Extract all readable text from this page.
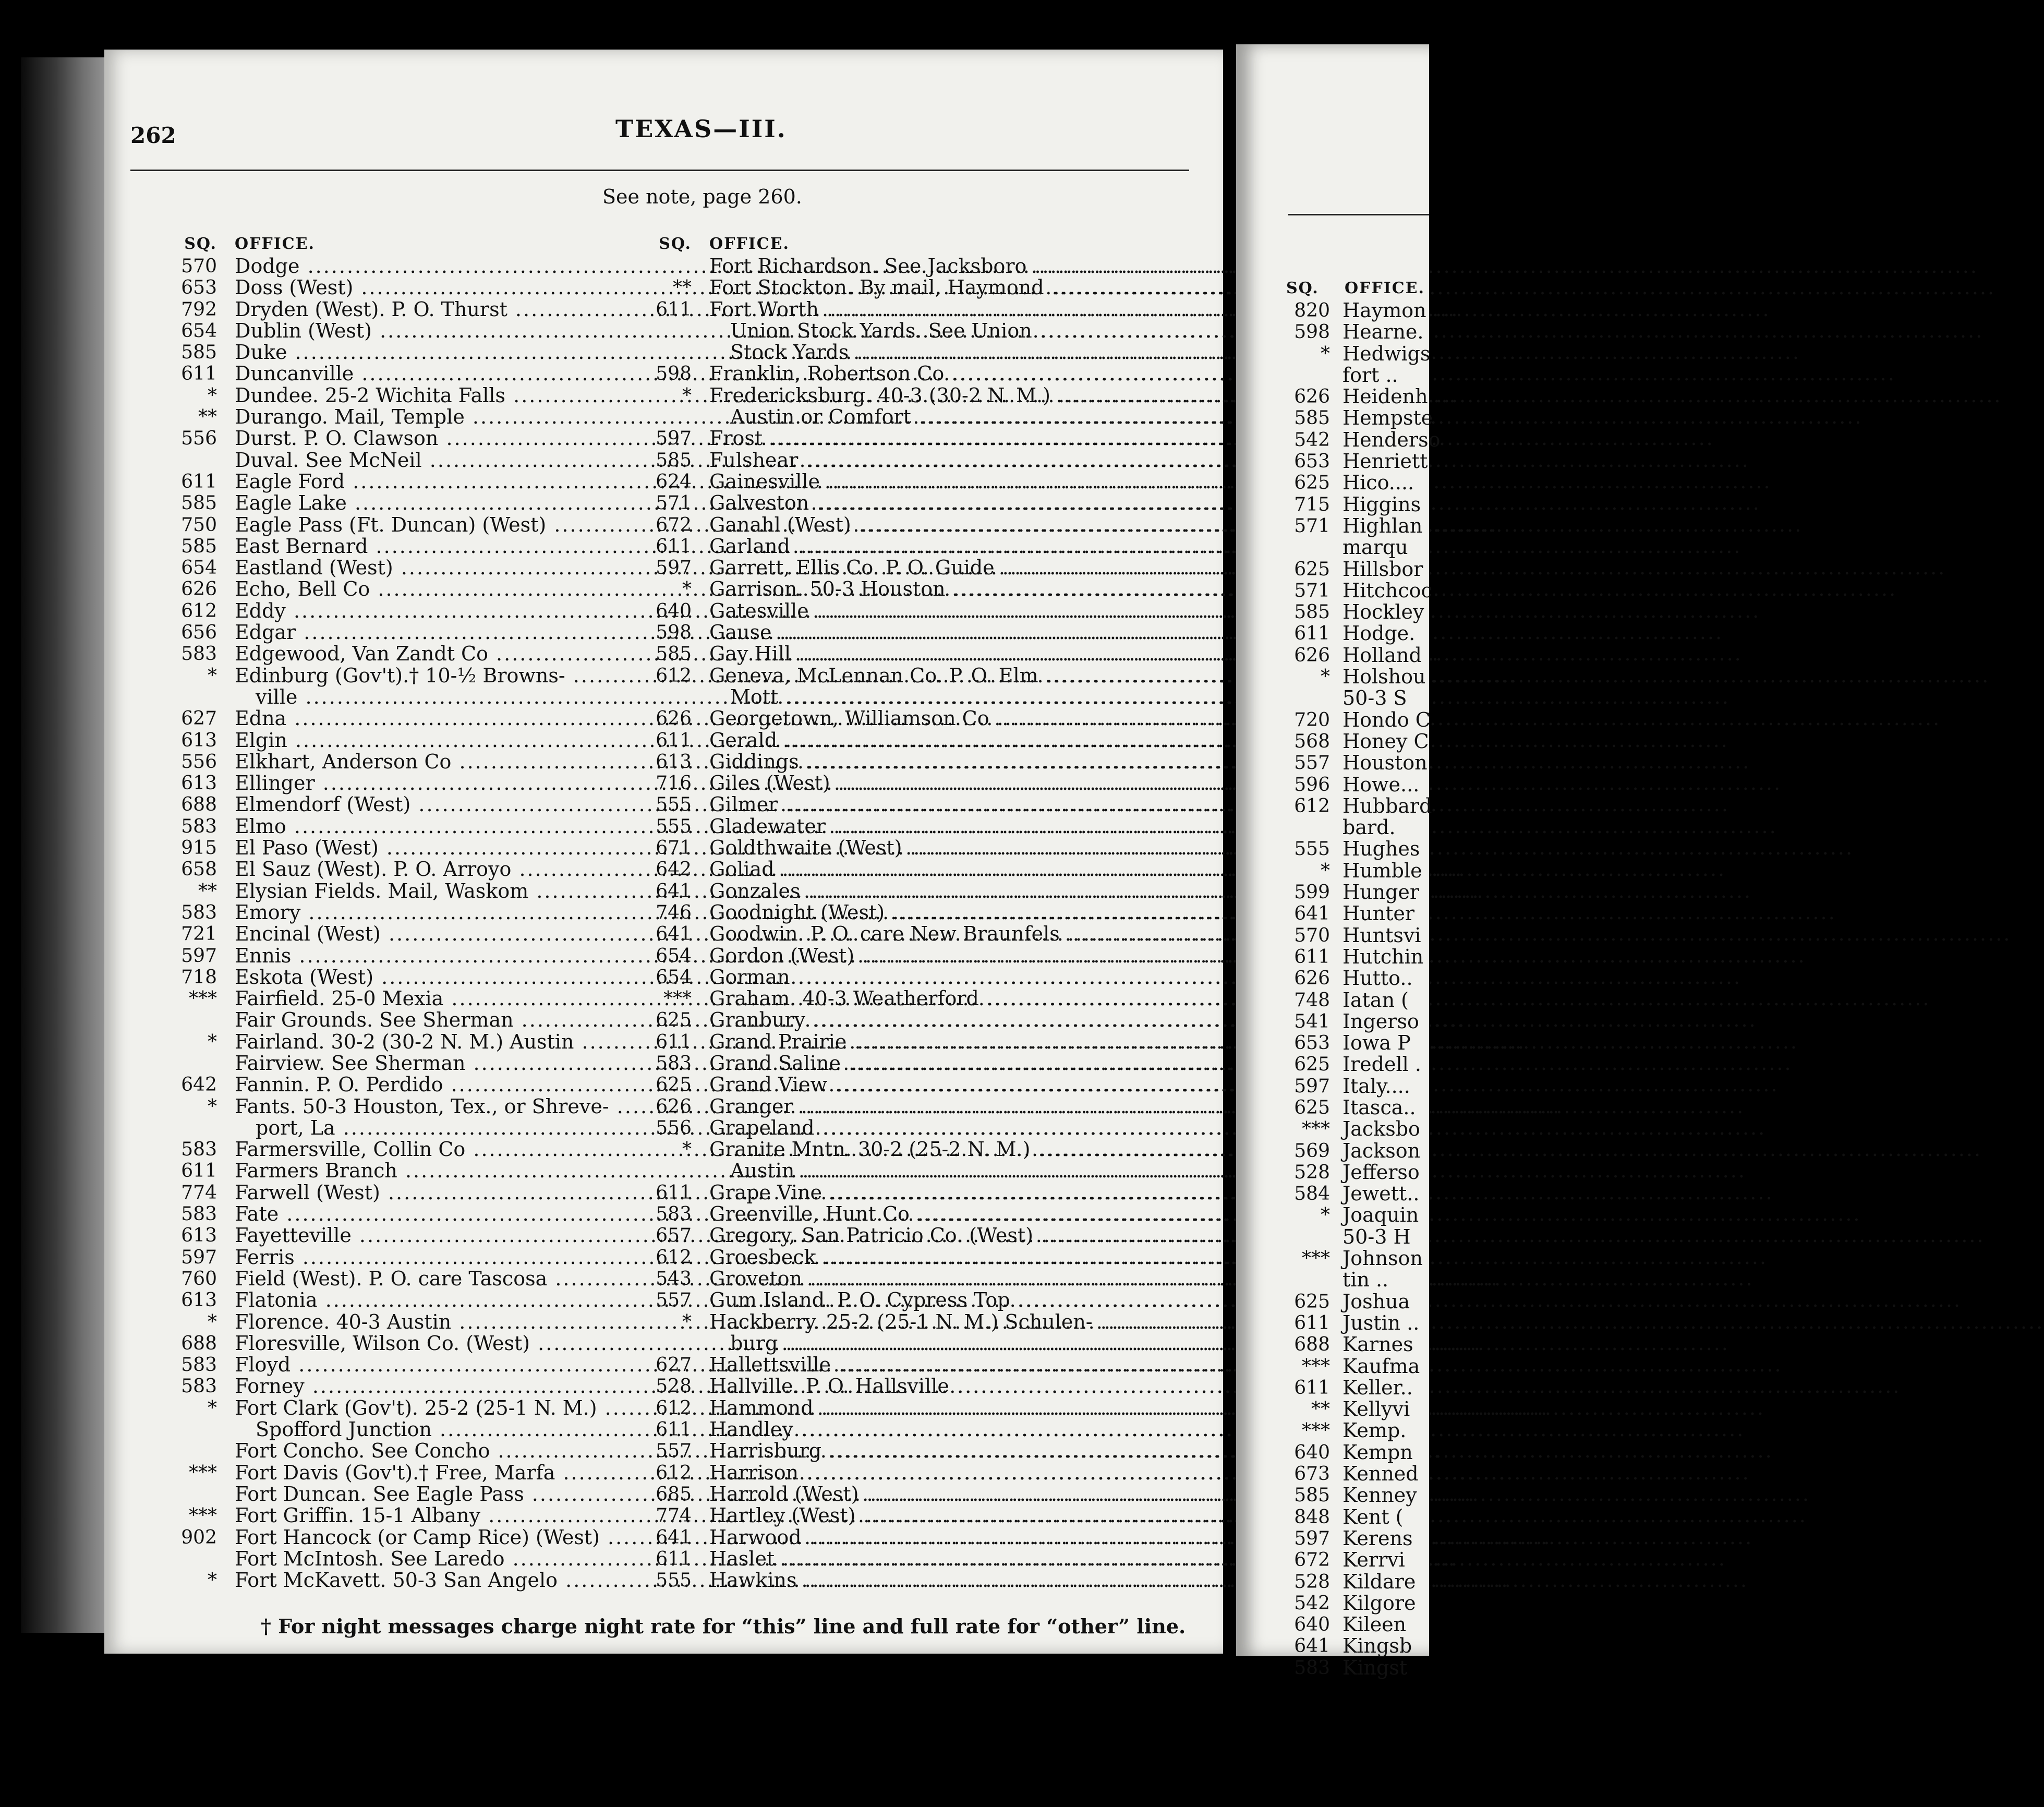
262	TEXAS—III.
See note, page 260.
SQ. OFFICE.
570 Dodge .....
653 Doss (West) .....
792 Dryden (West). P. O. Thurst .....
654 Dublin (West) .....
585 Duke .....
611 Duncanville .....
* Dundee. 25-2 Wichita Falls .....
** Durango. Mail, Temple .....
556 Durst. P. O. Clawson .....
Duval. See McNeil .....
611 Eagle Ford .....
585 Eagle Lake .....
750 Eagle Pass (Ft. Duncan) (West) .....
585 East Bernard .....
654 Eastland (West) .....
626 Echo, Bell Co .....
612 Eddy .....
656 Edgar .....
583 Edgewood, Van Zandt Co .....
* Edinburg (Gov't).† 10-½ Browns- .....
ville .....
627 Edna .....
613 Elgin .....
556 Elkhart, Anderson Co .....
613 Ellinger .....
688 Elmendorf (West) .....
583 Elmo .....
915 El Paso (West) .....
658 El Sauz (West). P. O. Arroyo .....
** Elysian Fields. Mail, Waskom .....
583 Emory .....
721 Encinal (West) .....
597 Ennis .....
718 Eskota (West) .....
*** Fairfield. 25-0 Mexia .....
Fair Grounds. See Sherman .....
* Fairland. 30-2 (30-2 N. M.) Austin .....
Fairview. See Sherman .....
642 Fannin. P. O. Perdido .....
* Fants. 50-3 Houston, Tex., or Shreve- .....
port, La .....
583 Farmersville, Collin Co .....
611 Farmers Branch .....
774 Farwell (West) .....
583 Fate .....
613 Fayetteville .....
597 Ferris .....
760 Field (West). P. O. care Tascosa .....
613 Flatonia .....
* Florence. 40-3 Austin .....
688 Floresville, Wilson Co. (West) .....
583 Floyd .....
583 Forney .....
* Fort Clark (Gov't). 25-2 (25-1 N. M.) .....
Spofford Junction .....
Fort Concho. See Concho .....
*** Fort Davis (Gov't).† Free, Marfa .....
Fort Duncan. See Eagle Pass .....
*** Fort Griffin. 15-1 Albany .....
902 Fort Hancock (or Camp Rice) (West) .....
Fort McIntosh. See Laredo .....
* Fort McKavett. 50-3 San Angelo .....
SQ. OFFICE.
Fort Richardson. See Jacksboro .....
** Fort Stockton. By mail, Haymond .....
611 Fort Worth .....
Union Stock Yards. See Union .....
Stock Yards .....
598 Franklin, Robertson Co .....
* Fredericksburg. 40-3 (30-2 N. M.) .....
Austin or Comfort .....
597 Frost .....
585 Fulshear .....
624 Gainesville .....
571 Galveston .....
672 Ganahl (West) .....
611 Garland .....
597 Garrett, Ellis Co. P. O. Guide .....
* Garrison. 50-3 Houston .....
640 Gatesville .....
598 Gause .....
585 Gay Hill .....
612 Geneva, McLennan Co. P. O. Elm .....
Mott .....
626 Georgetown, Williamson Co .....
611 Gerald .....
613 Giddings .....
716 Giles (West) .....
555 Gilmer .....
555 Gladewater .....
671 Goldthwaite (West) .....
642 Goliad .....
641 Gonzales .....
746 Goodnight (West) .....
641 Goodwin. P. O. care New Braunfels .....
654 Gordon (West) .....
654 Gorman .....
*** Graham. 40-3 Weatherford .....
625 Granbury .....
611 Grand Prairie .....
583 Grand Saline .....
625 Grand View .....
626 Granger .....
556 Grapeland .....
* Granite Mntn. 30-2 (25-2 N. M.) .....
Austin .....
611 Grape Vine .....
583 Greenville, Hunt Co .....
657 Gregory, San Patricio Co. (West) .....
612 Groesbeck .....
543 Groveton .....
557 Gum Island. P. O. Cypress Top .....
* Hackberry. 25-2 (25-1 N. M.) Schulen- .....
burg .....
627 Hallettsville .....
528 Hallville. P. O. Hallsville .....
612 Hammond .....
611 Handley .....
557 Harrisburg .....
612 Harrison .....
685 Harrold (West) .....
774 Hartley (West) .....
641 Harwood .....
611 Haslet .....
555 Hawkins .....
† For night messages charge night rate for “this” line and full rate for “other” line.
SQ. OFFICE.
820 Haymon
598 Hearne.
* Hedwigs
fort ..
626 Heidenh
585 Hempste
542 Henderso
653 Henriett
625 Hico....
715 Higgins
571 Highlan
marqu
625 Hillsbor
571 Hitchcoc
585 Hockley
611 Hodge.
626 Holland
* Holshou
50-3 S
720 Hondo C
568 Honey C
557 Houston
596 Howe...
612 Hubbard
bard.
555 Hughes
* Humble
599 Hunger
641 Hunter
570 Huntsvi
611 Hutchin
626 Hutto..
748 Iatan (
541 Ingerso
653 Iowa P
625 Iredell .
597 Italy....
625 Itasca..
*** Jacksbo
569 Jackson
528 Jefferso
584 Jewett..
* Joaquin
50-3 H
*** Johnson
tin ..
625 Joshua
611 Justin ..
688 Karnes
*** Kaufma
611 Keller..
** Kellyvi
*** Kemp.
640 Kempn
673 Kenned
585 Kenney
848 Kent (
597 Kerens
672 Kerrvi
528 Kildare
542 Kilgore
640 Kileen
641 Kingsb
583 Kingst
